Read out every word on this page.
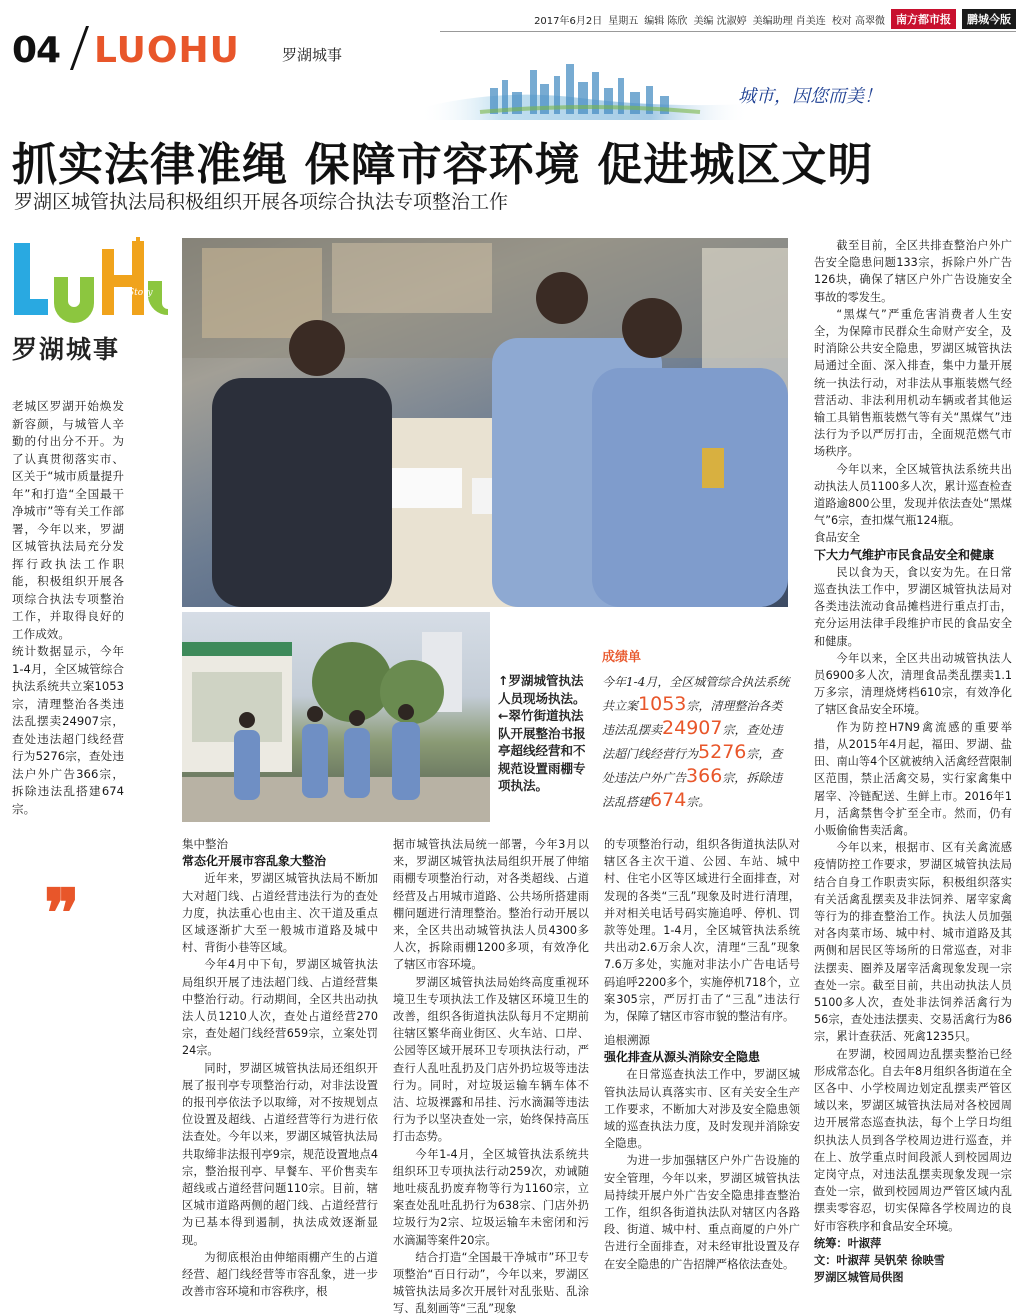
2017年6月2日 星期五 编辑 陈欣 美编 沈淑婷 美编助理 肖美连 校对 高翠微	南方都市报	鹏城今版
04 LUOHU	罗湖城事
城市，因您而美！
抓实法律准绳 保障市容环境 促进城区文明
罗湖区城管执法局积极组织开展各项综合执法专项整治工作
Story
LuoHu
罗湖城事

老城区罗湖开始焕发新容颜，与城管人辛勤的付出分不开。为了认真贯彻落实市、区关于“城市质量提升年”和打造“全国最干净城市”等有关工作部署，今年以来，罗湖区城管执法局充分发挥行政执法工作职能，积极组织开展各项综合执法专项整治工作，并取得良好的工作成效。

统计数据显示，今年1-4月，全区城管综合执法系统共立案1053宗，清理整治各类违法乱摆卖24907宗，查处违法超门线经营行为5276宗，查处违法户外广告366宗，拆除违法乱搭建674宗。

❞
↑罗湖城管执法人员现场执法。←翠竹街道执法队开展整治书报亭超线经营和不规范设置雨棚专项执法。
成绩单
今年1-4月，全区城管综合执法系统共立案1053宗，清理整治各类违法乱摆卖24907宗，查处违法超门线经营行为5276宗，查处违法户外广告366宗，拆除违法乱搭建674宗。

集中整治

常态化开展市容乱象大整治

近年来，罗湖区城管执法局不断加大对超门线、占道经营违法行为的查处力度，执法重心也由主、次干道及重点区域逐渐扩大至一般城市道路及城中村、背街小巷等区域。

今年4月中下旬，罗湖区城管执法局组织开展了违法超门线、占道经营集中整治行动。行动期间，全区共出动执法人员1210人次，查处占道经营270宗，查处超门线经营659宗，立案处罚24宗。

同时，罗湖区城管执法局还组织开展了报刊亭专项整治行动，对非法设置的报刊亭依法予以取缔，对不按规划点位设置及超线、占道经营等行为进行依法查处。今年以来，罗湖区城管执法局共取缔非法报刊亭9宗，规范设置地点4宗，整治报刊亭、早餐车、平价售卖车超线或占道经营问题110宗。目前，辖区城市道路两侧的超门线、占道经营行为已基本得到遏制，执法成效逐渐显现。

为彻底根治由伸缩雨棚产生的占道经营、超门线经营等市容乱象，进一步改善市容环境和市容秩序，根

据市城管执法局统一部署，今年3月以来，罗湖区城管执法局组织开展了伸缩雨棚专项整治行动，对各类超线、占道经营及占用城市道路、公共场所搭建雨棚问题进行清理整治。整治行动开展以来，全区共出动城管执法人员4300多人次，拆除雨棚1200多项，有效净化了辖区市容环境。

罗湖区城管执法局始终高度重视环境卫生专项执法工作及辖区环境卫生的改善，组织各街道执法队每月不定期前往辖区繁华商业街区、火车站、口岸、公园等区域开展环卫专项执法行动，严查行人乱吐乱扔及门店外扔垃圾等违法行为。同时，对垃圾运输车辆车体不洁、垃圾裸露和吊挂、污水滴漏等违法行为予以坚决查处一宗，始终保持高压打击态势。

今年1-4月，全区城管执法系统共组织环卫专项执法行动259次，劝诫随地吐痰乱扔废弃物等行为1160宗，立案查处乱吐乱扔行为638宗、门店外扔垃圾行为2宗、垃圾运输车未密闭和污水滴漏等案件20宗。

结合打造“全国最干净城市”环卫专项整治“百日行动”，今年以来，罗湖区城管执法局多次开展针对乱张贴、乱涂写、乱刻画等“三乱”现象

的专项整治行动，组织各街道执法队对辖区各主次干道、公园、车站、城中村、住宅小区等区域进行全面排查，对发现的各类“三乱”现象及时进行清理，并对相关电话号码实施追呼、停机、罚款等处理。1-4月，全区城管执法系统共出动2.6万余人次，清理“三乱”现象7.6万多处，实施对非法小广告电话号码追呼2200多个，实施停机718个，立案305宗，严厉打击了“三乱”违法行为，保障了辖区市容市貌的整洁有序。

追根溯源

强化排查从源头消除安全隐患

在日常巡查执法工作中，罗湖区城管执法局认真落实市、区有关安全生产工作要求，不断加大对涉及安全隐患领域的巡查执法力度，及时发现并消除安全隐患。

为进一步加强辖区户外广告设施的安全管理，今年以来，罗湖区城管执法局持续开展户外广告安全隐患排查整治工作，组织各街道执法队对辖区内各路段、街道、城中村、重点商厦的户外广告进行全面排查，对未经审批设置及存在安全隐患的广告招牌严格依法查处。

截至目前，全区共排查整治户外广告安全隐患问题133宗，拆除户外广告126块，确保了辖区户外广告设施安全事故的零发生。

“黑煤气”严重危害消费者人生安全，为保障市民群众生命财产安全，及时消除公共安全隐患，罗湖区城管执法局通过全面、深入排查，集中力量开展统一执法行动，对非法从事瓶装燃气经营活动、非法利用机动车辆或者其他运输工具销售瓶装燃气等有关“黑煤气”违法行为予以严厉打击，全面规范燃气市场秩序。

今年以来，全区城管执法系统共出动执法人员1100多人次，累计巡查检查道路逾800公里，发现并依法查处“黑煤气”6宗，查扣煤气瓶124瓶。

食品安全

下大力气维护市民食品安全和健康

民以食为天，食以安为先。在日常巡查执法工作中，罗湖区城管执法局对各类违法流动食品摊档进行重点打击，充分运用法律手段维护市民的食品安全和健康。

今年以来，全区共出动城管执法人员6900多人次，清理食品类乱摆卖1.1万多宗，清理烧烤档610宗，有效净化了辖区食品安全环境。

作为防控H7N9禽流感的重要举措，从2015年4月起，福田、罗湖、盐田、南山等4个区就被纳入活禽经营限制区范围，禁止活禽交易，实行家禽集中屠宰、冷链配送、生鲜上市。2016年1月，活禽禁售令扩至全市。然而，仍有小贩偷偷售卖活禽。

今年以来，根据市、区有关禽流感疫情防控工作要求，罗湖区城管执法局结合自身工作职责实际，积极组织落实有关活禽乱摆卖及非法饲养、屠宰家禽等行为的排查整治工作。执法人员加强对各肉菜市场、城中村、城市道路及其两侧和居民区等场所的日常巡查，对非法摆卖、圈养及屠宰活禽现象发现一宗查处一宗。截至目前，共出动执法人员5100多人次，查处非法饲养活禽行为56宗，查处违法摆卖、交易活禽行为86宗，累计查获活、死禽1235只。

在罗湖，校园周边乱摆卖整治已经形成常态化。自去年8月组织各街道在全区各中、小学校周边划定乱摆卖严管区域以来，罗湖区城管执法局对各校园周边开展常态巡查执法，每个上学日均组织执法人员到各学校周边进行巡查，并在上、放学重点时间段派人到校园周边定岗守点，对违法乱摆卖现象发现一宗查处一宗，做到校园周边严管区域内乱摆卖零容忍，切实保障各学校周边的良好市容秩序和食品安全环境。

统筹：叶淑萍

文：叶淑萍 吴钒荣 徐映雪

罗湖区城管局供图
